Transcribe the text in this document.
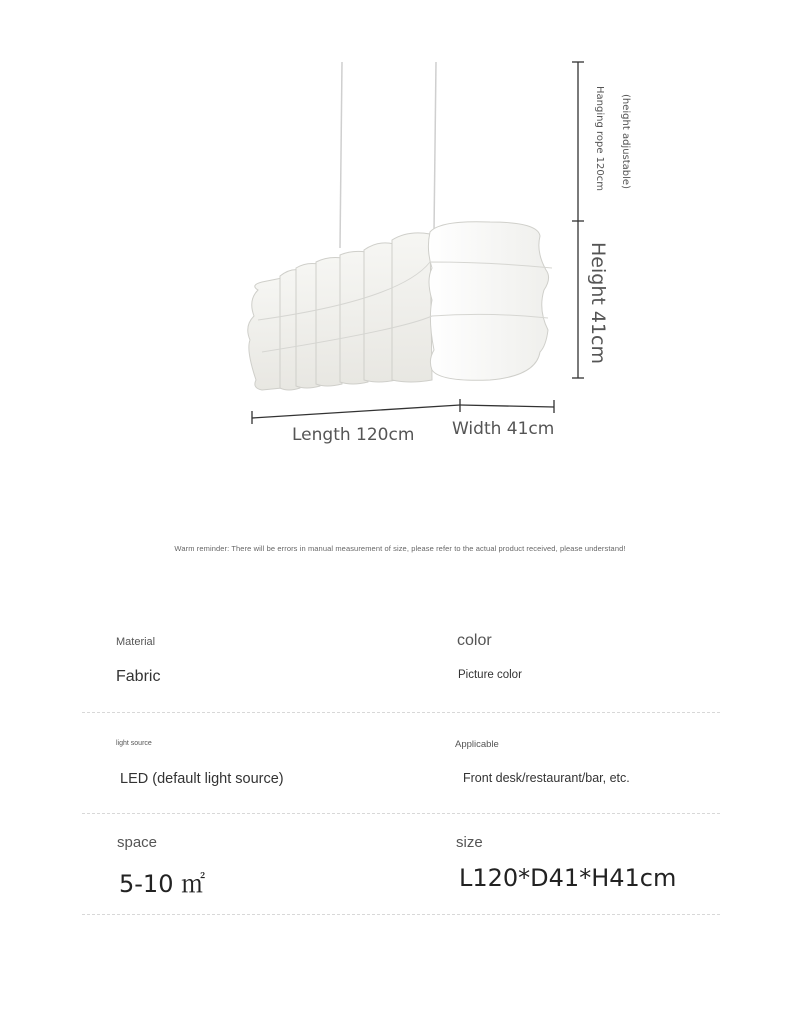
Length 120cm Width 41cm
Height 41cm
Hanging rope 120cm (height adjustable)
Warm reminder: There will be errors in manual measurement of size, please refer to the actual product received, please understand!
Material
Fabric
color
Picture color
light source
LED (default light source)
Applicable
Front desk/restaurant/bar, etc.
space
5-10 ㎡
size
L120*D41*H41cm
